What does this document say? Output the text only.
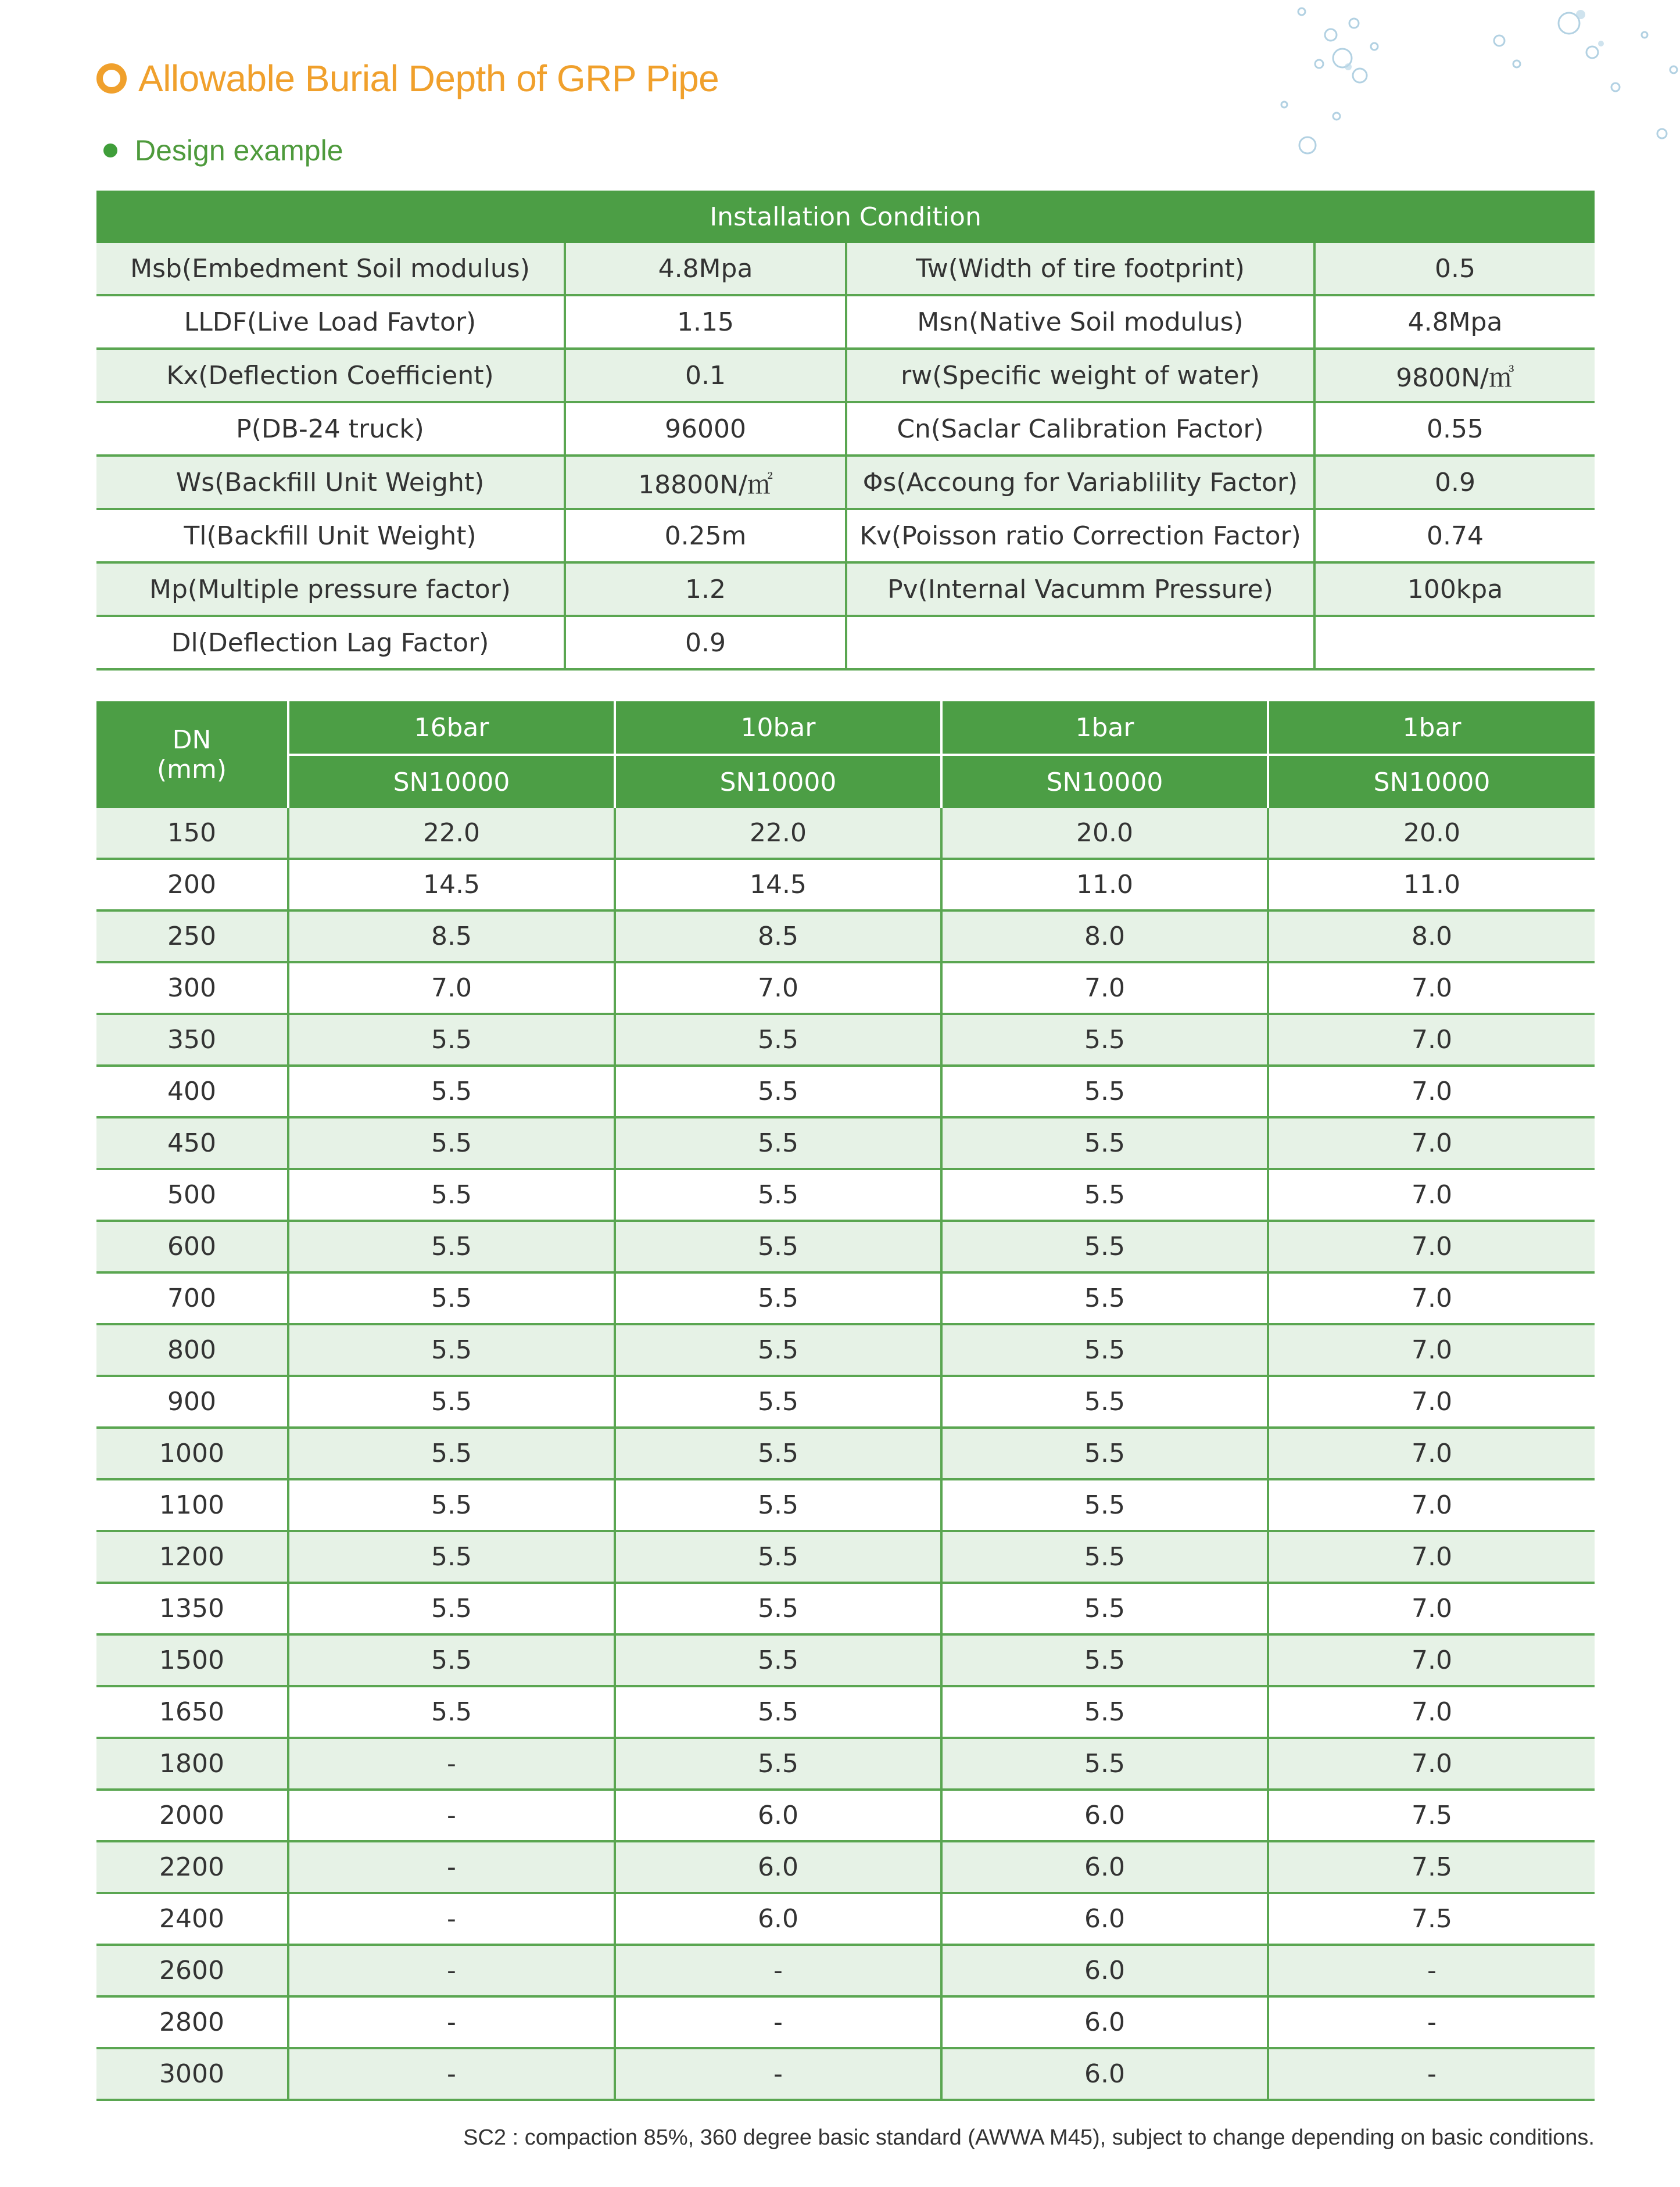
Allowable Burial Depth of GRP Pipe
Design example
Installation Condition			
Msb(Embedment Soil modulus)	4.8Mpa	Tw(Width of tire footprint)	0.5
LLDF(Live Load Favtor)	1.15	Msn(Native Soil modulus)	4.8Mpa
Kx(Deflection Coefficient)	0.1	rw(Specific weight of water)	9800N/㎥
P(DB-24 truck)	96000	Cn(Saclar Calibration Factor)	0.55
Ws(Backfill Unit Weight)	18800N/㎡	Φs(Accoung for Variablility Factor)	0.9
Tl(Backfill Unit Weight)	0.25m	Kv(Poisson ratio Correction Factor)	0.74
Mp(Multiple pressure factor)	1.2	Pv(Internal Vacumm Pressure)	100kpa
Dl(Deflection Lag Factor)	0.9		
DN
(mm)	16bar	10bar	1bar	1bar
	SN10000	SN10000	SN10000	SN10000
150	22.0	22.0	20.0	20.0
200	14.5	14.5	11.0	11.0
250	8.5	8.5	8.0	8.0
300	7.0	7.0	7.0	7.0
350	5.5	5.5	5.5	7.0
400	5.5	5.5	5.5	7.0
450	5.5	5.5	5.5	7.0
500	5.5	5.5	5.5	7.0
600	5.5	5.5	5.5	7.0
700	5.5	5.5	5.5	7.0
800	5.5	5.5	5.5	7.0
900	5.5	5.5	5.5	7.0
1000	5.5	5.5	5.5	7.0
1100	5.5	5.5	5.5	7.0
1200	5.5	5.5	5.5	7.0
1350	5.5	5.5	5.5	7.0
1500	5.5	5.5	5.5	7.0
1650	5.5	5.5	5.5	7.0
1800	-	5.5	5.5	7.0
2000	-	6.0	6.0	7.5
2200	-	6.0	6.0	7.5
2400	-	6.0	6.0	7.5
2600	-	-	6.0	-
2800	-	-	6.0	-
3000	-	-	6.0	-
SC2 : compaction 85%, 360 degree basic standard (AWWA M45), subject to change depending on basic conditions.
